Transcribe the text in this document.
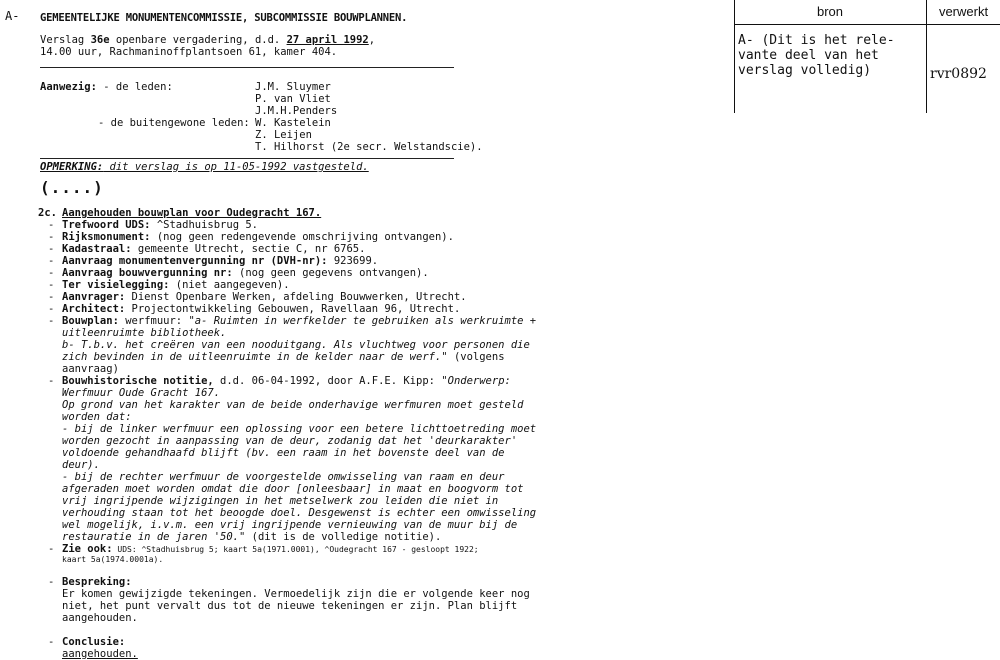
A- GEMEENTELIJKE MONUMENTENCOMMISSIE, SUBCOMMISSIE BOUWPLANNEN.
Verslag 36e openbare vergadering, d.d. 27 april 1992,
14.00 uur, Rachmaninoffplantsoen 61, kamer 404.
Aanwezig: - de leden:
- de buitengewone leden:
J.M. Sluymer
P. van Vliet
J.M.H.Penders
W. Kastelein
Z. Leijen
T. Hilhorst (2e secr. Welstandscie).
OPMERKING: dit verslag is op 11-05-1992 vastgesteld.
(....)
2c. Aangehouden bouwplan voor Oudegracht 167.
- Trefwoord UDS: ^Stadhuisbrug 5.
- Rijksmonument: (nog geen redengevende omschrijving ontvangen).
- Kadastraal: gemeente Utrecht, sectie C, nr 6765.
- Aanvraag monumentenvergunning nr (DVH-nr): 923699.
- Aanvraag bouwvergunning nr: (nog geen gegevens ontvangen).
- Ter visielegging: (niet aangegeven).
- Aanvrager: Dienst Openbare Werken, afdeling Bouwwerken, Utrecht.
- Architect: Projectontwikkeling Gebouwen, Ravellaan 96, Utrecht.
- Bouwplan: werfmuur: "a- Ruimten in werfkelder te gebruiken als werkruimte +
uitleenruimte bibliotheek.
b- T.b.v. het creëren van een nooduitgang. Als vluchtweg voor personen die
zich bevinden in de uitleenruimte in de kelder naar de werf." (volgens
aanvraag)
- Bouwhistorische notitie, d.d. 06-04-1992, door A.F.E. Kipp: "Onderwerp:
Werfmuur Oude Gracht 167.
Op grond van het karakter van de beide onderhavige werfmuren moet gesteld
worden dat:
- bij de linker werfmuur een oplossing voor een betere lichttoetreding moet
worden gezocht in aanpassing van de deur, zodanig dat het 'deurkarakter'
voldoende gehandhaafd blijft (bv. een raam in het bovenste deel van de
deur).
- bij de rechter werfmuur de voorgestelde omwisseling van raam en deur
afgeraden moet worden omdat die door [onleesbaar] in maat en boogvorm tot
vrij ingrijpende wijzigingen in het metselwerk zou leiden die niet in
verhouding staan tot het beoogde doel. Desgewenst is echter een omwisseling
wel mogelijk, i.v.m. een vrij ingrijpende vernieuwing van de muur bij de
restauratie in de jaren '50." (dit is de volledige notitie).
- Zie ook: UDS: ^Stadhuisbrug 5; kaart 5a(1971.0001), ^Oudegracht 167 - gesloopt 1922;
kaart 5a(1974.0001a).
- Bespreking:
Er komen gewijzigde tekeningen. Vermoedelijk zijn die er volgende keer nog
niet, het punt vervalt dus tot de nieuwe tekeningen er zijn. Plan blijft
aangehouden.
- Conclusie:
aangehouden.
bron	verwerkt
A- (Dit is het rele-
vante deel van het
verslag volledig)	rvr0892
